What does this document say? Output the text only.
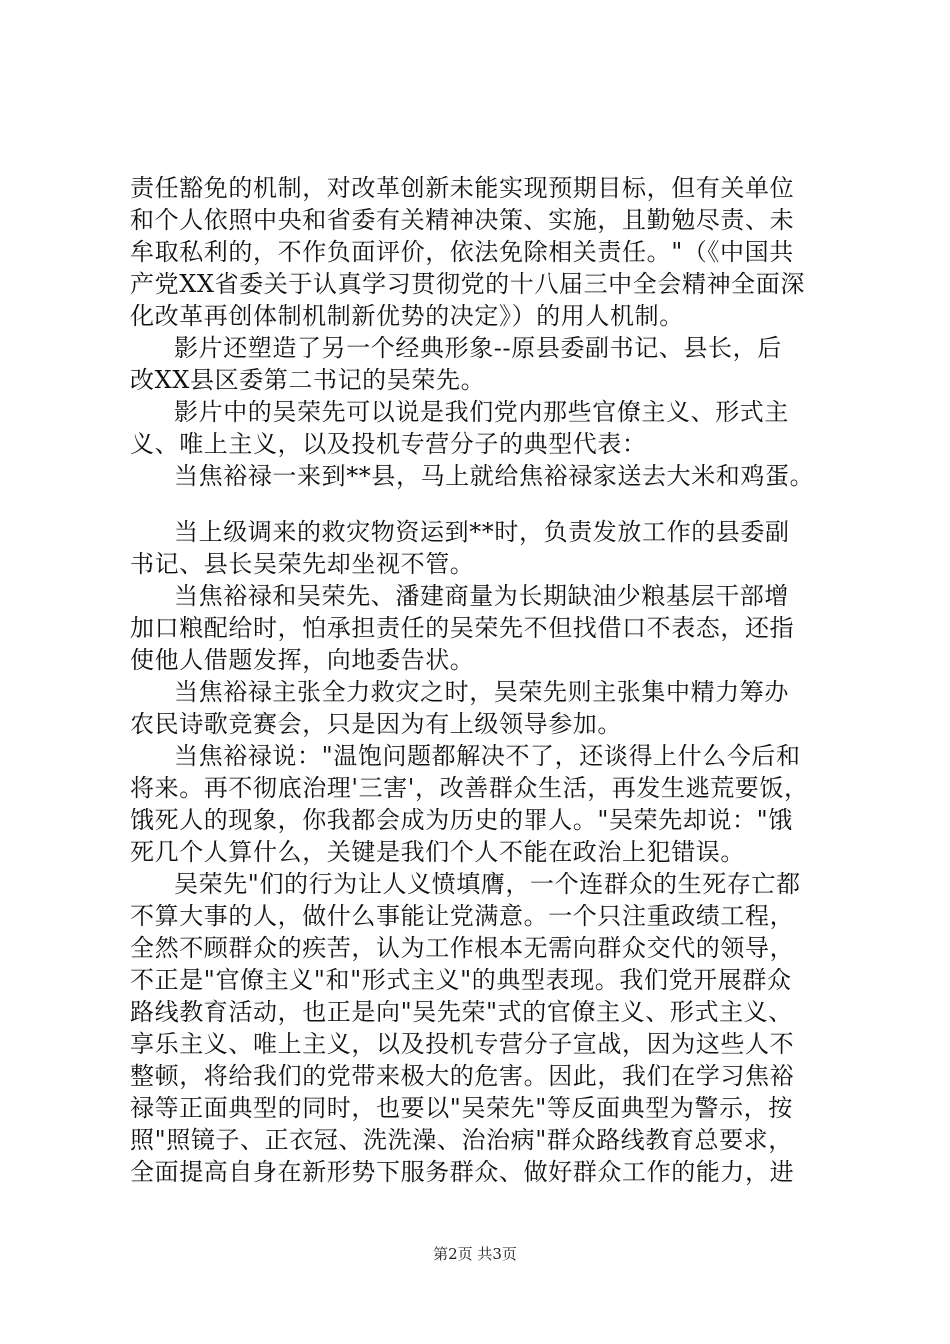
责任豁免的机制，对改革创新未能实现预期目标，但有关单位
和个人依照中央和省委有关精神决策、实施，且勤勉尽责、未
牟取私利的，不作负面评价，依法免除相关责任。"（《中国共
产党XX省委关于认真学习贯彻党的十八届三中全会精神全面深
化改革再创体制机制新优势的决定》）的用人机制。
影片还塑造了另一个经典形象--原县委副书记、县长，后
改XX县区委第二书记的吴荣先。
影片中的吴荣先可以说是我们党内那些官僚主义、形式主
义、唯上主义，以及投机专营分子的典型代表：
当焦裕禄一来到**县，马上就给焦裕禄家送去大米和鸡蛋。
当上级调来的救灾物资运到**时，负责发放工作的县委副
书记、县长吴荣先却坐视不管。
当焦裕禄和吴荣先、潘建商量为长期缺油少粮基层干部增
加口粮配给时，怕承担责任的吴荣先不但找借口不表态，还指
使他人借题发挥，向地委告状。
当焦裕禄主张全力救灾之时，吴荣先则主张集中精力筹办
农民诗歌竞赛会，只是因为有上级领导参加。
当焦裕禄说："温饱问题都解决不了，还谈得上什么今后和
将来。再不彻底治理'三害'，改善群众生活，再发生逃荒要饭，
饿死人的现象，你我都会成为历史的罪人。"吴荣先却说："饿
死几个人算什么，关键是我们个人不能在政治上犯错误。
吴荣先"们的行为让人义愤填膺，一个连群众的生死存亡都
不算大事的人，做什么事能让党满意。一个只注重政绩工程，
全然不顾群众的疾苦，认为工作根本无需向群众交代的领导，
不正是"官僚主义"和"形式主义"的典型表现。我们党开展群众
路线教育活动，也正是向"吴先荣"式的官僚主义、形式主义、
享乐主义、唯上主义，以及投机专营分子宣战，因为这些人不
整顿，将给我们的党带来极大的危害。因此，我们在学习焦裕
禄等正面典型的同时，也要以"吴荣先"等反面典型为警示，按
照"照镜子、正衣冠、洗洗澡、治治病"群众路线教育总要求，
全面提高自身在新形势下服务群众、做好群众工作的能力，进
第2页 共3页
